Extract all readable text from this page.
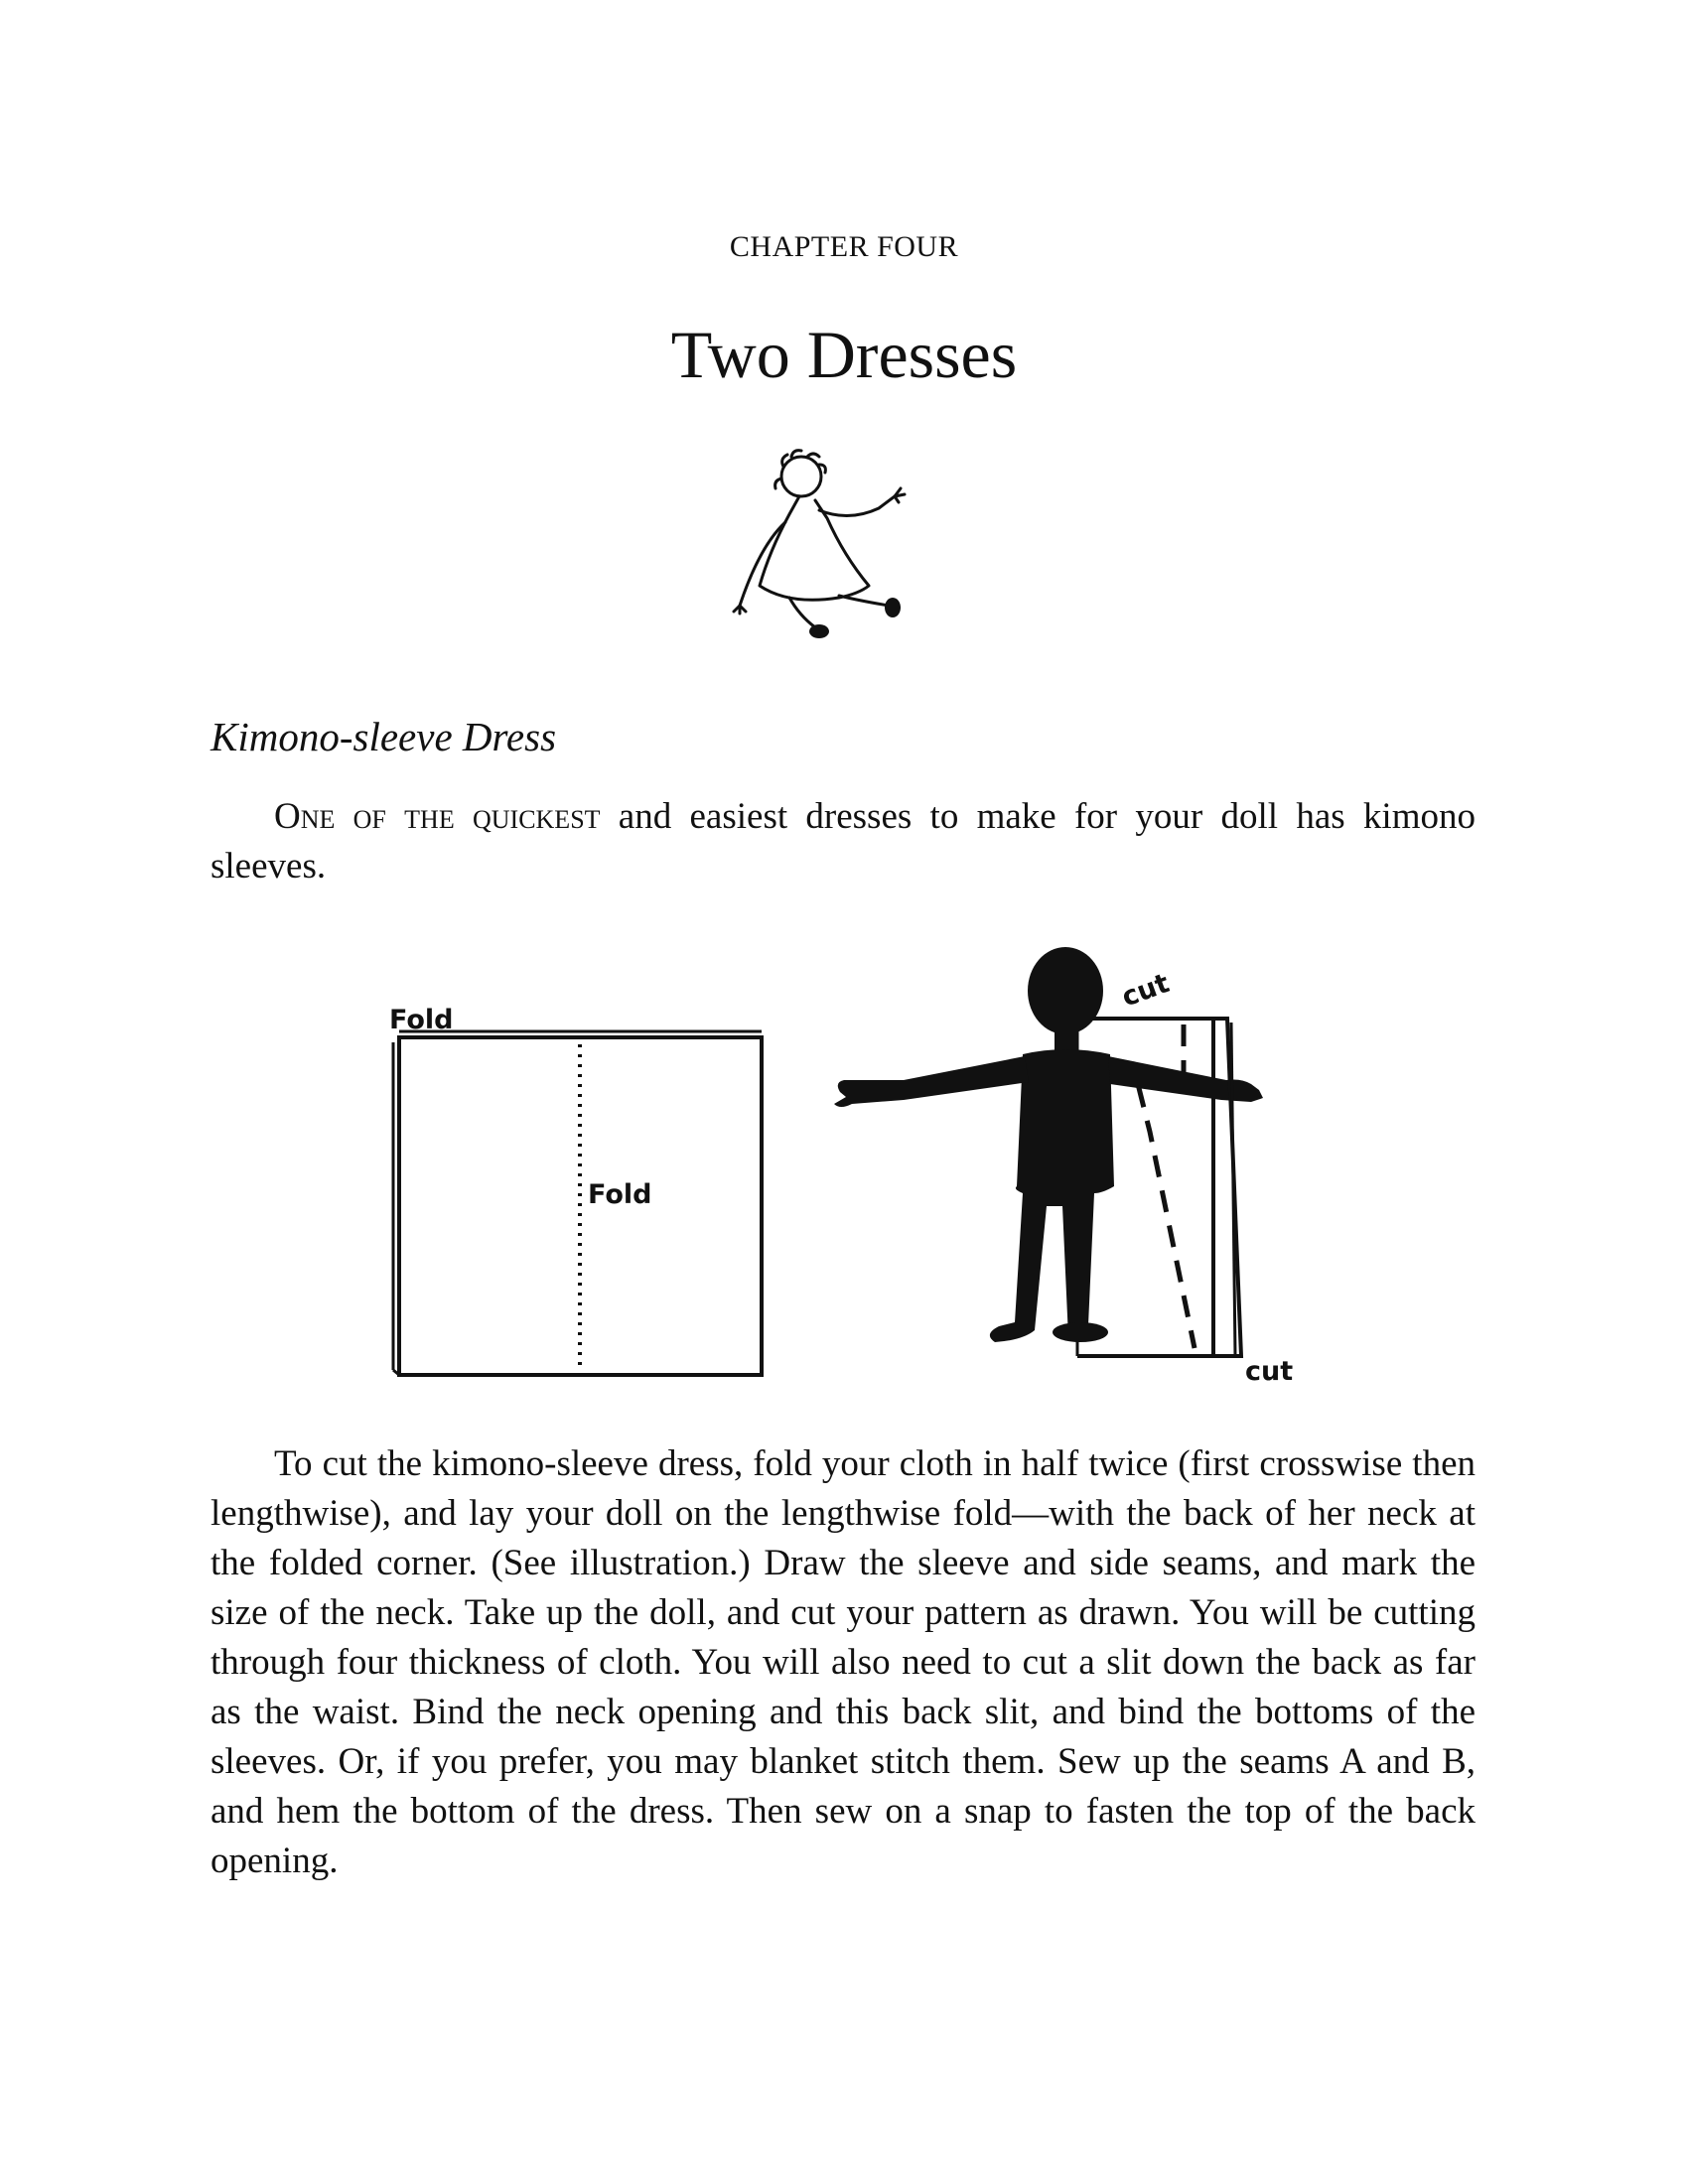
CHAPTER FOUR
Two Dresses
Kimono-sleeve Dress

One of the quickest and easiest dresses to make for your doll has kimono sleeves.

Fold
Fold
cut
cut

To cut the kimono-sleeve dress, fold your cloth in half twice (first crosswise then lengthwise), and lay your doll on the lengthwise fold—with the back of her neck at the folded corner. (See illustration.) Draw the sleeve and side seams, and mark the size of the neck. Take up the doll, and cut your pattern as drawn. You will be cutting through four thickness of cloth. You will also need to cut a slit down the back as far as the waist. Bind the neck opening and this back slit, and bind the bottoms of the sleeves. Or, if you prefer, you may blanket stitch them. Sew up the seams A and B, and hem the bottom of the dress. Then sew on a snap to fasten the top of the back opening.
